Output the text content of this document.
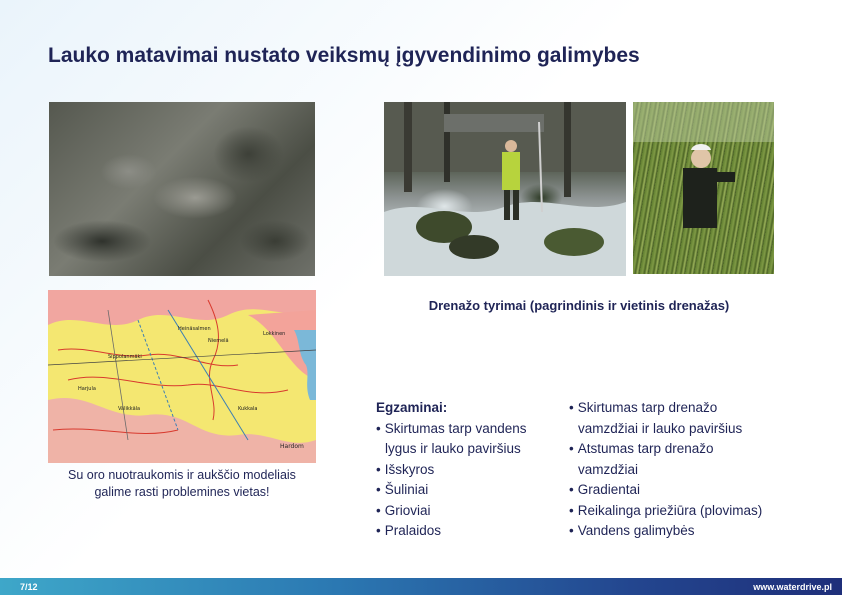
Lauko matavimai nustato veiksmų įgyvendinimo galimybes
Heinäsalmen
Niemelä
Sippolanmäki
Harjula
Välikkäla	Kukkala
Hardom
Lokkinen

Su oro nuotraukomis ir aukščio modeliais

galime rasti problemines vietas!

Drenažo tyrimai (pagrindinis ir vietinis drenažas)

Egzaminai:
• Skirtumas tarp vandens
lygus ir lauko paviršius
• Išskyros
• Šuliniai
• Grioviai
• Pralaidos
• Skirtumas tarp drenažo
vamzdžiai ir lauko paviršius
• Atstumas tarp drenažo
vamzdžiai
• Gradientai
• Reikalinga priežiūra (plovimas)
• Vandens galimybės
7/12	www.waterdrive.pl
